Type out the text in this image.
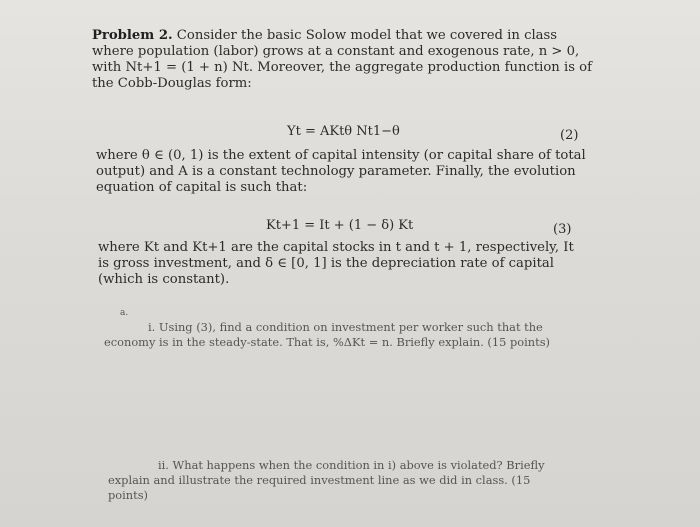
Problem 2. Consider the basic Solow model that we covered in class where population (labor) grows at a constant and exogenous rate, n > 0, with Nt+1 = (1 + n) Nt. Moreover, the aggregate production function is of the Cobb-Douglas form:
Yt = AKtθ Nt1−θ	(2)
where θ ∈ (0, 1) is the extent of capital intensity (or capital share of total output) and A is a constant technology parameter. Finally, the evolution equation of capital is such that:
Kt+1 = It + (1 − δ) Kt	(3)
where Kt and Kt+1 are the capital stocks in t and t + 1, respectively, It is gross investment, and δ ∈ [0, 1] is the depreciation rate of capital (which is constant).
a.
i. Using (3), find a condition on investment per worker such that the economy is in the steady-state. That is, %ΔKt = n. Briefly explain. (15 points)
ii. What happens when the condition in i) above is violated? Briefly explain and illustrate the required investment line as we did in class. (15 points)
